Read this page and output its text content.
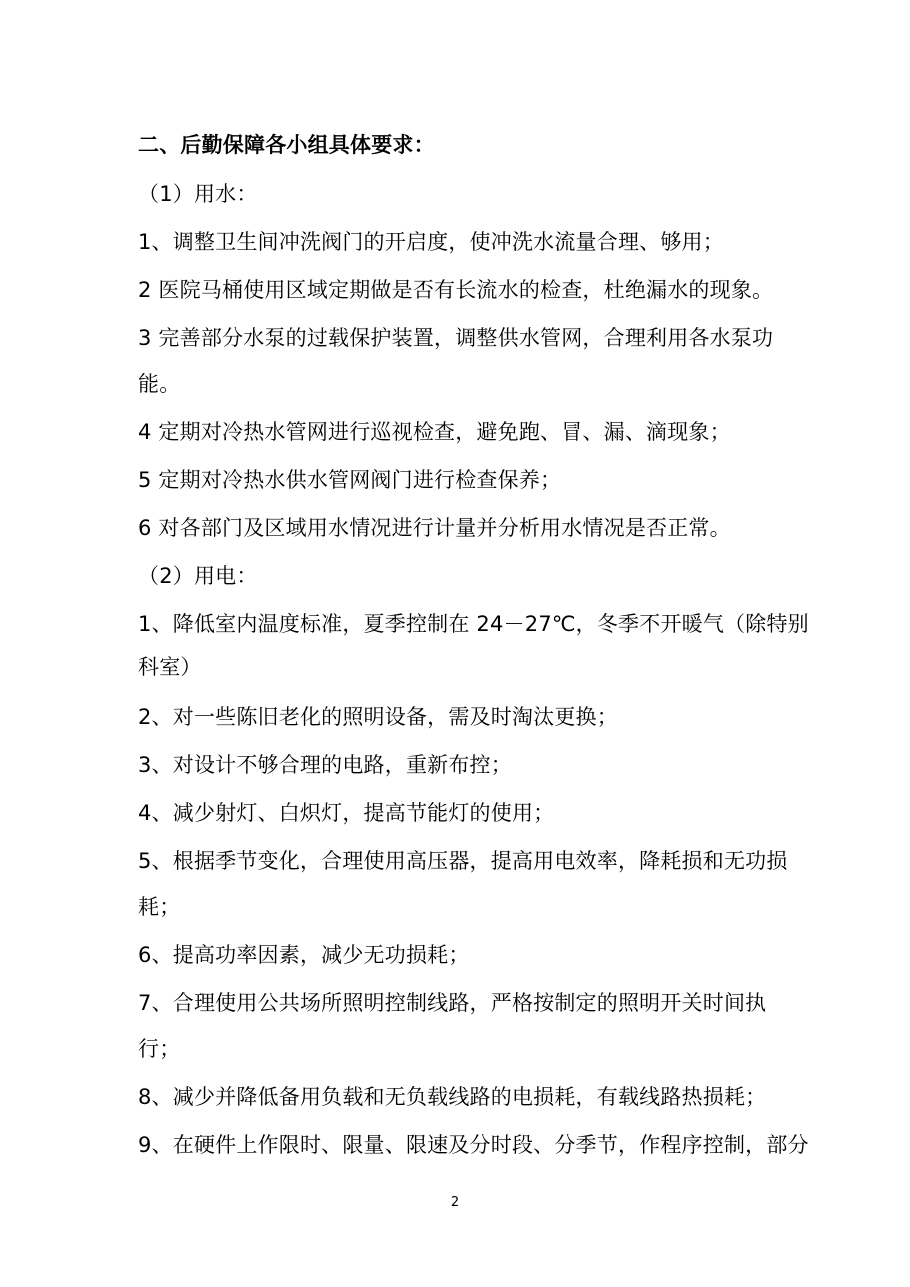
二、后勤保障各小组具体要求：
（1）用水：
1、调整卫生间冲洗阀门的开启度，使冲洗水流量合理、够用；
2 医院马桶使用区域定期做是否有长流水的检查，杜绝漏水的现象。
3 完善部分水泵的过载保护装置，调整供水管网，合理利用各水泵功
能。
4 定期对冷热水管网进行巡视检查，避免跑、冒、漏、滴现象；
5 定期对冷热水供水管网阀门进行检查保养；
6 对各部门及区域用水情况进行计量并分析用水情况是否正常。
（2）用电：
1、降低室内温度标准，夏季控制在 24－27℃，冬季不开暖气（除特别
科室）
2、对一些陈旧老化的照明设备，需及时淘汰更换；
3、对设计不够合理的电路，重新布控；
4、减少射灯、白炽灯，提高节能灯的使用；
5、根据季节变化，合理使用高压器，提高用电效率，降耗损和无功损
耗；
6、提高功率因素，减少无功损耗；
7、合理使用公共场所照明控制线路，严格按制定的照明开关时间执
行；
8、减少并降低备用负载和无负载线路的电损耗，有载线路热损耗；
9、在硬件上作限时、限量、限速及分时段、分季节，作程序控制，部分
2
